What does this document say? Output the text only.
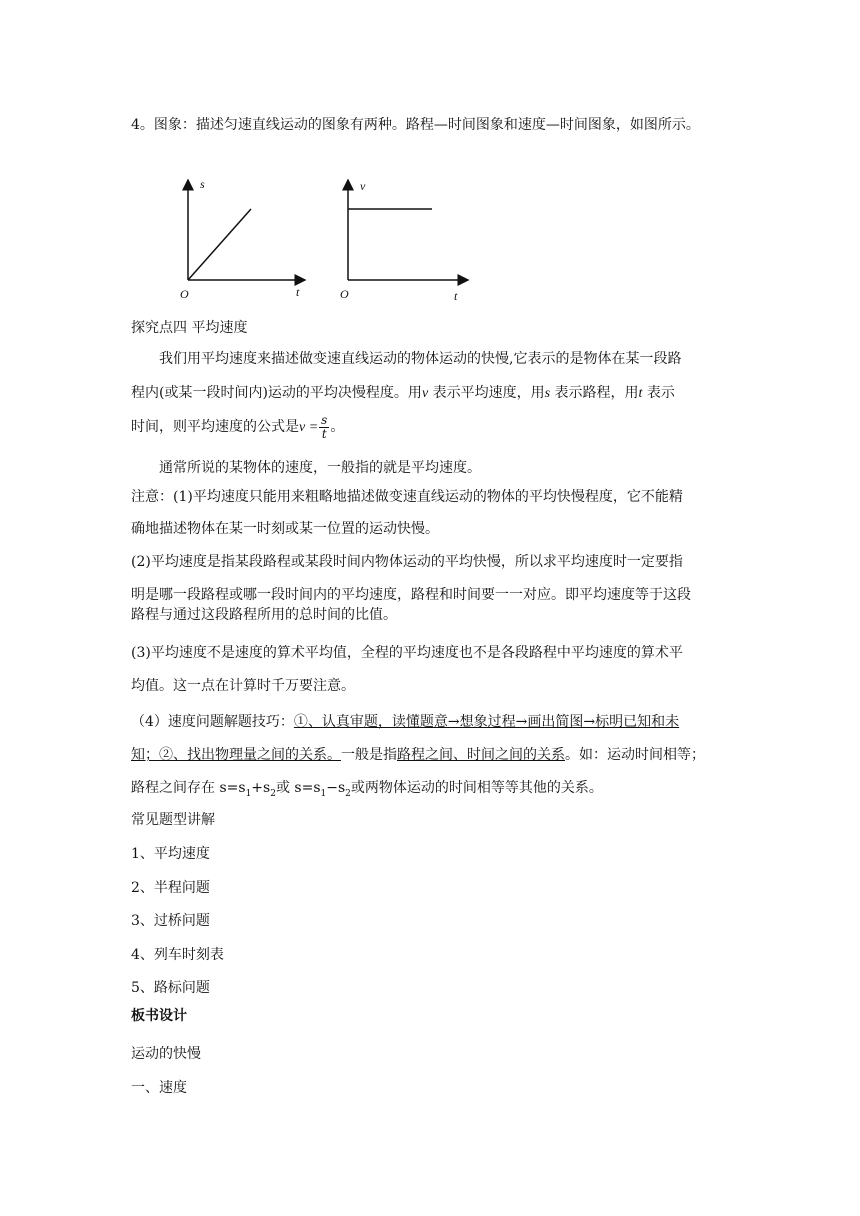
4。图象：描述匀速直线运动的图象有两种。路程—时间图象和速度—时间图象，如图所示。
s
t
O
v
t
O
探究点四 平均速度
我们用平均速度来描述做变速直线运动的物体运动的快慢,它表示的是物体在某一段路
程内(或某一段时间内)运动的平均决慢程度。用v 表示平均速度，用s 表示路程，用t 表示
时间，则平均速度的公式是$v = \frac{s}{t}$ 。
通常所说的某物体的速度，一般指的就是平均速度。
注意：(1)平均速度只能用来粗略地描述做变速直线运动的物体的平均快慢程度，它不能精
确地描述物体在某一时刻或某一位置的运动快慢。
(2)平均速度是指某段路程或某段时间内物体运动的平均快慢，所以求平均速度时一定要指
明是哪一段路程或哪一段时间内的平均速度，路程和时间要一一对应。即平均速度等于这段
路程与通过这段路程所用的总时间的比值。
(3)平均速度不是速度的算术平均值，全程的平均速度也不是各段路程中平均速度的算术平
均值。这一点在计算时千万要注意。
（4）速度问题解题技巧：①、认真审题，读懂题意→想象过程→画出简图→标明已知和未
知；②、找出物理量之间的关系。一般是指路程之间、时间之间的关系。如：运动时间相等；
路程之间存在 $s=s_1+s_2$或 $s=s_1-s_2$或两物体运动的时间相等等其他的关系。
常见题型讲解
1、平均速度
2、半程问题
3、过桥问题
4、列车时刻表
5、路标问题
板书设计
运动的快慢
一、速度
